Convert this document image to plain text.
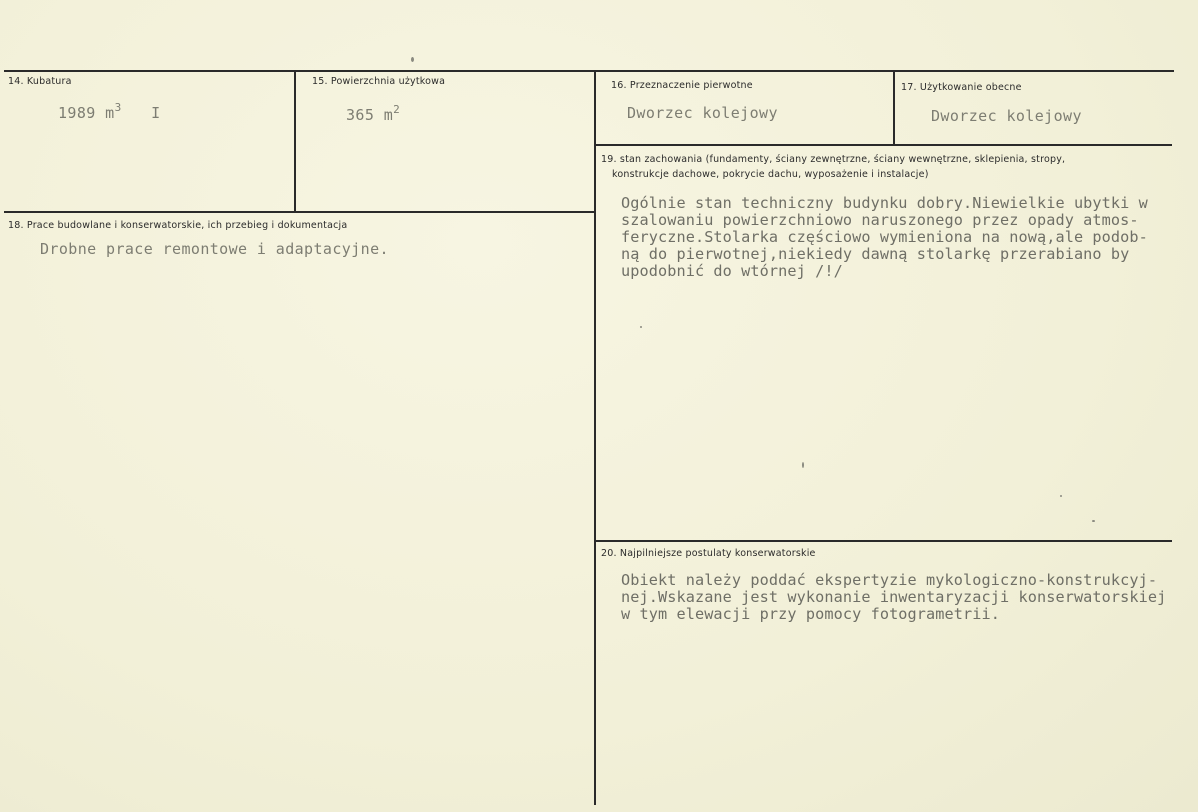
14. Kubatura
1989 $m^3$ I
15. Powierzchnia użytkowa
365 $m^2$
16. Przeznaczenie pierwotne
Dworzec kolejowy
17. Użytkowanie obecne
Dworzec kolejowy
19. stan zachowania (fundamenty, ściany zewnętrzne, ściany wewnętrzne, sklepienia, stropy,
konstrukcje dachowe, pokrycie dachu, wyposażenie i instalacje)
Ogólnie stan techniczny budynku dobry.Niewielkie ubytki w
szalowaniu powierzchniowo naruszonego przez opady atmos-
feryczne.Stolarka częściowo wymieniona na nową,ale podob-
ną do pierwotnej,niekiedy dawną stolarkę przerabiano by
upodobnić do wtórnej /!/
18. Prace budowlane i konserwatorskie, ich przebieg i dokumentacja
Drobne prace remontowe i adaptacyjne.
20. Najpilniejsze postulaty konserwatorskie
Obiekt należy poddać ekspertyzie mykologiczno-konstrukcyj-
nej.Wskazane jest wykonanie inwentaryzacji konserwatorskiej
w tym elewacji przy pomocy fotogrametrii.
